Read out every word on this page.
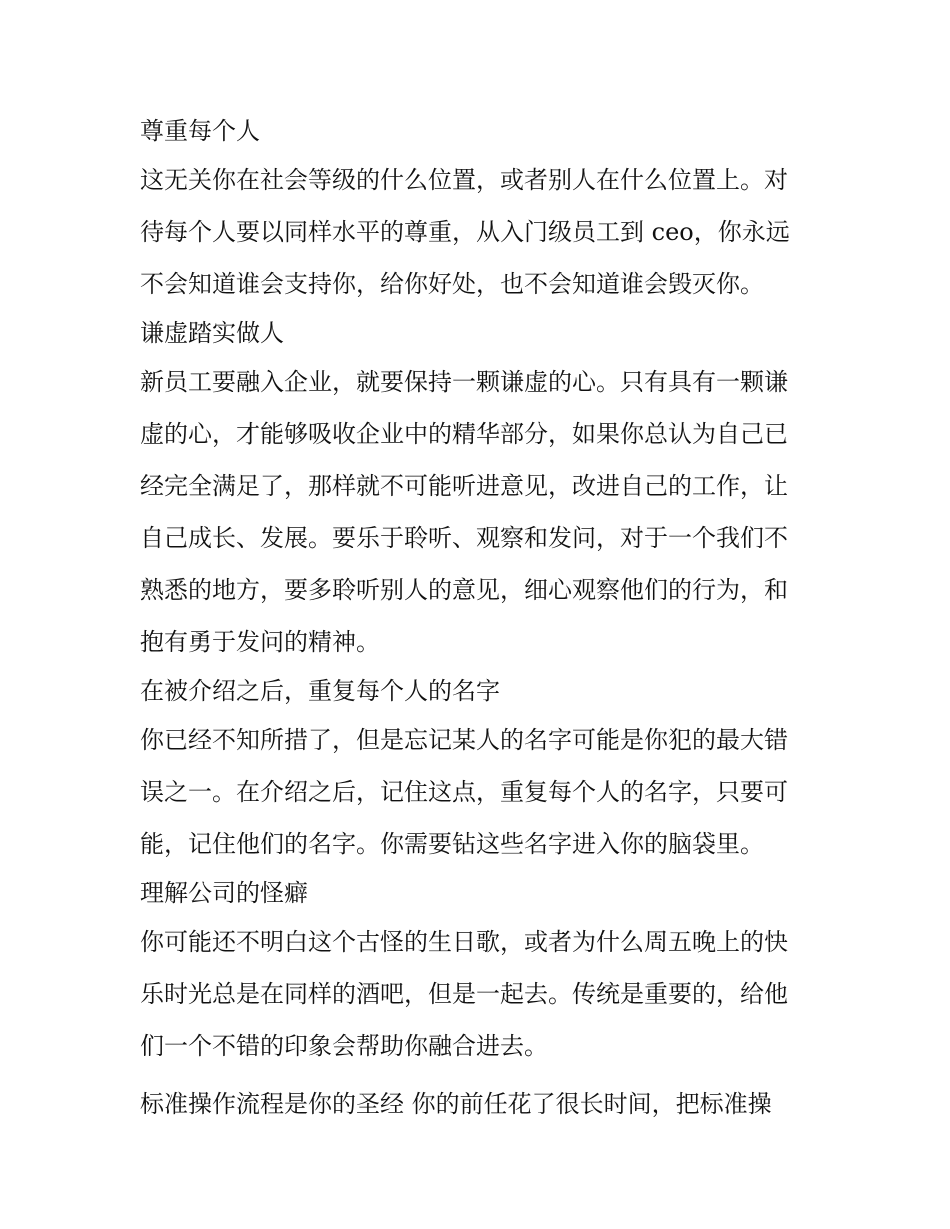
尊重每个人

这无关你在社会等级的什么位置，或者别人在什么位置上。对

待每个人要以同样水平的尊重，从入门级员工到 ceo，你永远

不会知道谁会支持你，给你好处，也不会知道谁会毁灭你。

谦虚踏实做人

新员工要融入企业，就要保持一颗谦虚的心。只有具有一颗谦

虚的心，才能够吸收企业中的精华部分，如果你总认为自己已

经完全满足了，那样就不可能听进意见，改进自己的工作，让

自己成长、发展。要乐于聆听、观察和发问，对于一个我们不

熟悉的地方，要多聆听别人的意见，细心观察他们的行为，和

抱有勇于发问的精神。

在被介绍之后，重复每个人的名字

你已经不知所措了，但是忘记某人的名字可能是你犯的最大错

误之一。在介绍之后，记住这点，重复每个人的名字，只要可

能，记住他们的名字。你需要钻这些名字进入你的脑袋里。

理解公司的怪癖

你可能还不明白这个古怪的生日歌，或者为什么周五晚上的快

乐时光总是在同样的酒吧，但是一起去。传统是重要的，给他

们一个不错的印象会帮助你融合进去。

标准操作流程是你的圣经 你的前任花了很长时间，把标准操
